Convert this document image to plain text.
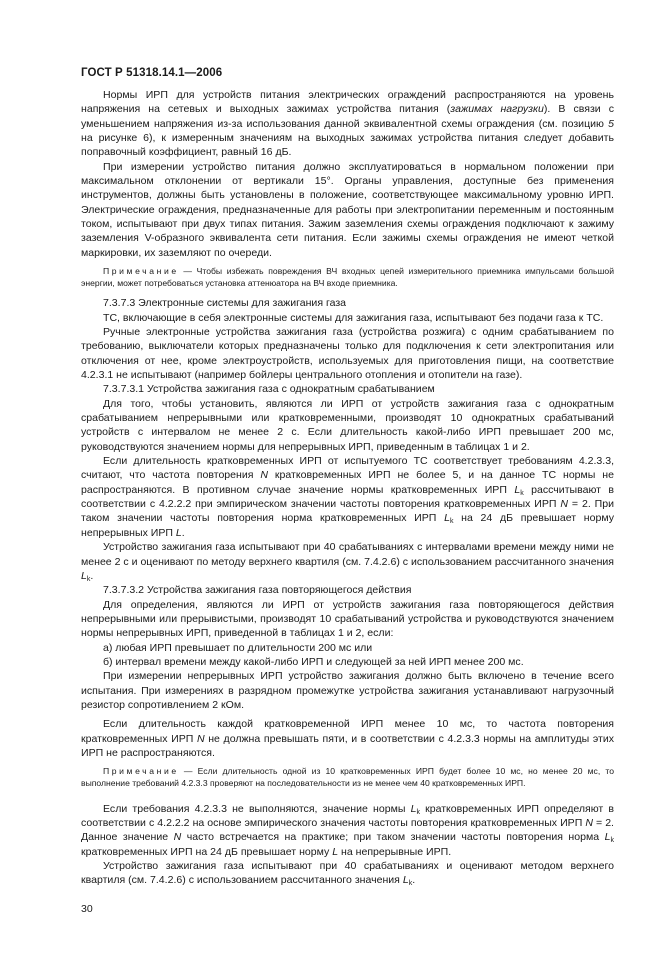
ГОСТ Р 51318.14.1—2006

Нормы ИРП для устройств питания электрических ограждений распространяются на уровень напряжения на сетевых и выходных зажимах устройства питания (зажимах нагрузки). В связи с уменьшением напряжения из-за использования данной эквивалентной схемы ограждения (см. позицию 5 на рисунке 6), к измеренным значениям на выходных зажимах устройства питания следует добавить поправочный коэффициент, равный 16 дБ.

При измерении устройство питания должно эксплуатироваться в нормальном положении при максимальном отклонении от вертикали 15°. Органы управления, доступные без применения инструментов, должны быть установлены в положение, соответствующее максимальному уровню ИРП. Электрические ограждения, предназначенные для работы при электропитании переменным и постоянным током, испытывают при двух типах питания. Зажим заземления схемы ограждения подключают к зажиму заземления V-образного эквивалента сети питания. Если зажимы схемы ограждения не имеют четкой маркировки, их заземляют по очереди.

Примечание — Чтобы избежать повреждения ВЧ входных цепей измерительного приемника импульсами большой энергии, может потребоваться установка аттенюатора на ВЧ входе приемника.

7.3.7.3 Электронные системы для зажигания газа

ТС, включающие в себя электронные системы для зажигания газа, испытывают без подачи газа к ТС.

Ручные электронные устройства зажигания газа (устройства розжига) с одним срабатыванием по требованию, выключатели которых предназначены только для подключения к сети электропитания или отключения от нее, кроме электроустройств, используемых для приготовления пищи, на соответствие 4.2.3.1 не испытывают (например бойлеры центрального отопления и отопители на газе).

7.3.7.3.1 Устройства зажигания газа с однократным срабатыванием

Для того, чтобы установить, являются ли ИРП от устройств зажигания газа с однократным срабатыванием непрерывными или кратковременными, производят 10 однократных срабатываний устройств с интервалом не менее 2 с. Если длительность какой-либо ИРП превышает 200 мс, руководствуются значением нормы для непрерывных ИРП, приведенным в таблицах 1 и 2.

Если длительность кратковременных ИРП от испытуемого ТС соответствует требованиям 4.2.3.3, считают, что частота повторения N кратковременных ИРП не более 5, и на данное ТС нормы не распространяются. В противном случае значение нормы кратковременных ИРП $L_k$ рассчитывают в соответствии с 4.2.2.2 при эмпирическом значении частоты повторения кратковременных ИРП N = 2. При таком значении частоты повторения норма кратковременных ИРП $L_k$ на 24 дБ превышает норму непрерывных ИРП L.

Устройство зажигания газа испытывают при 40 срабатываниях с интервалами времени между ними не менее 2 с и оценивают по методу верхнего квартиля (см. 7.4.2.6) с использованием рассчитанного значения $L_k$.

7.3.7.3.2 Устройства зажигания газа повторяющегося действия

Для определения, являются ли ИРП от устройств зажигания газа повторяющегося действия непрерывными или прерывистыми, производят 10 срабатываний устройства и руководствуются значением нормы непрерывных ИРП, приведенной в таблицах 1 и 2, если:

а) любая ИРП превышает по длительности 200 мс или

б) интервал времени между какой-либо ИРП и следующей за ней ИРП менее 200 мс.

При измерении непрерывных ИРП устройство зажигания должно быть включено в течение всего испытания. При измерениях в разрядном промежутке устройства зажигания устанавливают нагрузочный резистор сопротивлением 2 кОм.

Если длительность каждой кратковременной ИРП менее 10 мс, то частота повторения кратковременных ИРП N не должна превышать пяти, и в соответствии с 4.2.3.3 нормы на амплитуды этих ИРП не распространяются.

Примечание — Если длительность одной из 10 кратковременных ИРП будет более 10 мс, но менее 20 мс, то выполнение требований 4.2.3.3 проверяют на последовательности из не менее чем 40 кратковременных ИРП.

Если требования 4.2.3.3 не выполняются, значение нормы $L_k$ кратковременных ИРП определяют в соответствии с 4.2.2.2 на основе эмпирического значения частоты повторения кратковременных ИРП N = 2. Данное значение N часто встречается на практике; при таком значении частоты повторения норма $L_k$ кратковременных ИРП на 24 дБ превышает норму L на непрерывные ИРП.

Устройство зажигания газа испытывают при 40 срабатываниях и оценивают методом верхнего квартиля (см. 7.4.2.6) с использованием рассчитанного значения $L_k$.

30
